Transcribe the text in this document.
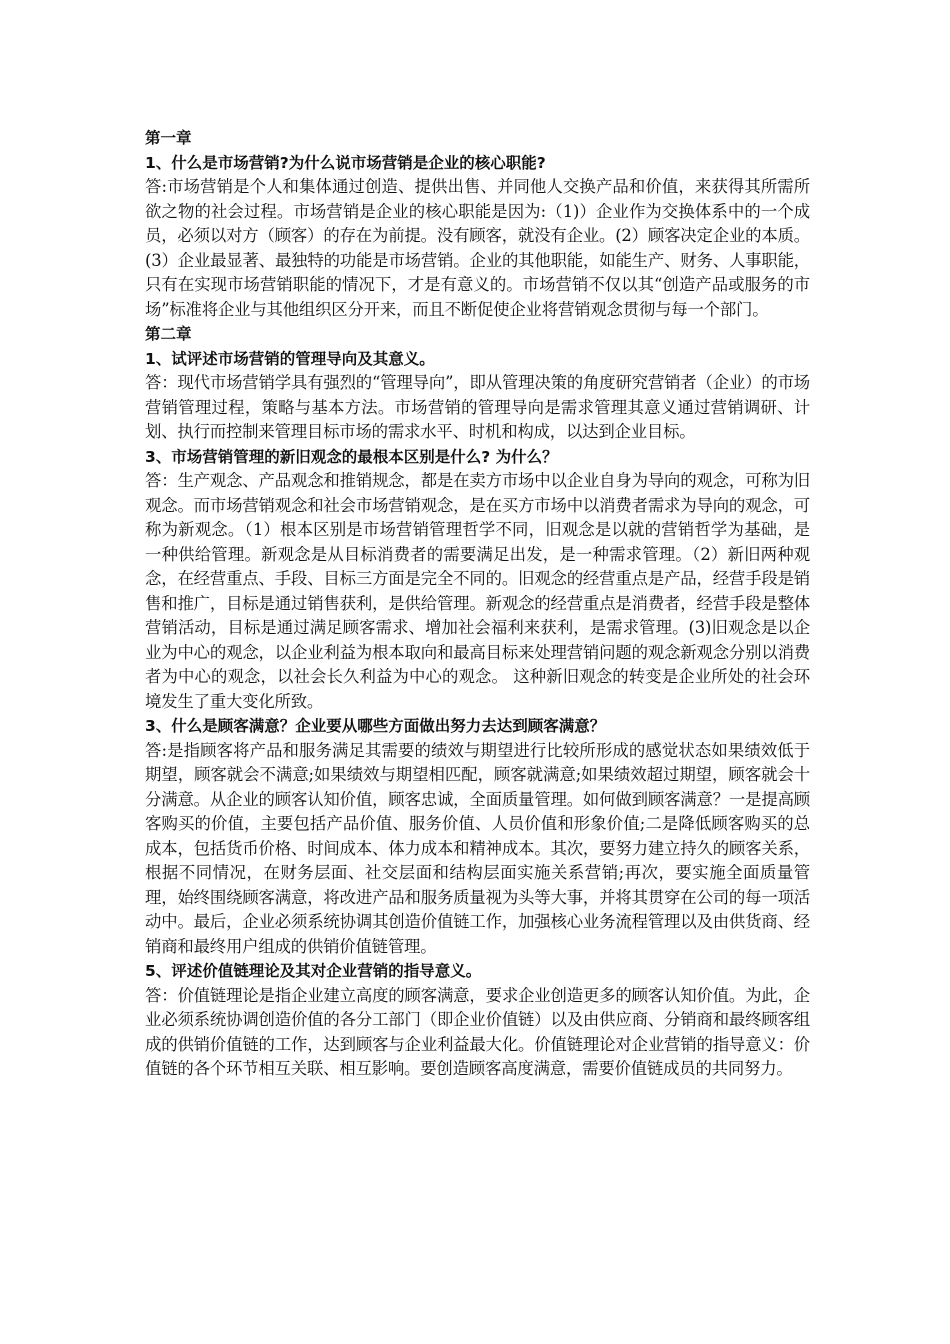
第一章
1、什么是市场营销?为什么说市场营销是企业的核心职能?

答:市场营销是个人和集体通过创造、提供出售、并同他人交换产品和价值，来获得其所需所欲之物的社会过程。市场营销是企业的核心职能是因为:（1)）企业作为交换体系中的一个成员，必须以对方（顾客）的存在为前提。没有顾客，就没有企业。(2）顾客决定企业的本质。(3）企业最显著、最独特的功能是市场营销。企业的其他职能，如能生产、财务、人事职能，只有在实现市场营销职能的情况下，才是有意义的。市场营销不仅以其“创造产品或服务的市场”标准将企业与其他组织区分开来，而且不断促使企业将营销观念贯彻与每一个部门。

第二章
1、试评述市场营销的管理导向及其意义。

答：现代市场营销学具有强烈的“管理导向”，即从管理决策的角度研究营销者（企业）的市场营销管理过程，策略与基本方法。市场营销的管理导向是需求管理其意义通过营销调研、计划、执行而控制来管理目标市场的需求水平、时机和构成，以达到企业目标。

3、市场营销管理的新旧观念的最根本区别是什么? 为什么？

答：生产观念、产品观念和推销规念，都是在卖方市场中以企业自身为导向的观念，可称为旧观念。而市场营销观念和社会市场营销观念，是在买方市场中以消费者需求为导向的观念，可称为新观念。（1）根本区别是市场营销管理哲学不同，旧观念是以就的营销哲学为基础，是一种供给管理。新观念是从目标消费者的需要满足出发，是一种需求管理。（2）新旧两种观念，在经营重点、手段、目标三方面是完全不同的。旧观念的经营重点是产品，经营手段是销售和推广，目标是通过销售获利，是供给管理。新观念的经营重点是消费者，经营手段是整体营销活动，目标是通过满足顾客需求、增加社会福利来获利，是需求管理。(3)旧观念是以企业为中心的观念，以企业利益为根本取向和最高目标来处理营销问题的观念新观念分别以消费者为中心的观念，以社会长久利益为中心的观念。 这种新旧观念的转变是企业所处的社会环境发生了重大变化所致。

3、什么是顾客满意？企业要从哪些方面做出努力去达到顾客满意？

答:是指顾客将产品和服务满足其需要的绩效与期望进行比较所形成的感觉状态如果绩效低于期望，顾客就会不满意;如果绩效与期望相匹配，顾客就满意;如果绩效超过期望，顾客就会十分满意。从企业的顾客认知价值，顾客忠诚，全面质量管理。如何做到顾客满意？一是提高顾客购买的价值，主要包括产品价值、服务价值、人员价值和形象价值;二是降低顾客购买的总成本，包括货币价格、时间成本、体力成本和精神成本。其次，要努力建立持久的顾客关系，根据不同情况，在财务层面、社交层面和结构层面实施关系营销;再次，要实施全面质量管理，始终围绕顾客满意，将改进产品和服务质量视为头等大事，并将其贯穿在公司的每一项活动中。最后，企业必须系统协调其创造价值链工作，加强核心业务流程管理以及由供货商、经销商和最终用户组成的供销价值链管理。

5、评述价值链理论及其对企业营销的指导意义。

答：价值链理论是指企业建立高度的顾客满意，要求企业创造更多的顾客认知价值。为此，企业必须系统协调创造价值的各分工部门（即企业价值链）以及由供应商、分销商和最终顾客组成的供销价值链的工作，达到顾客与企业利益最大化。价值链理论对企业营销的指导意义：价值链的各个环节相互关联、相互影响。要创造顾客高度满意，需要价值链成员的共同努力。
